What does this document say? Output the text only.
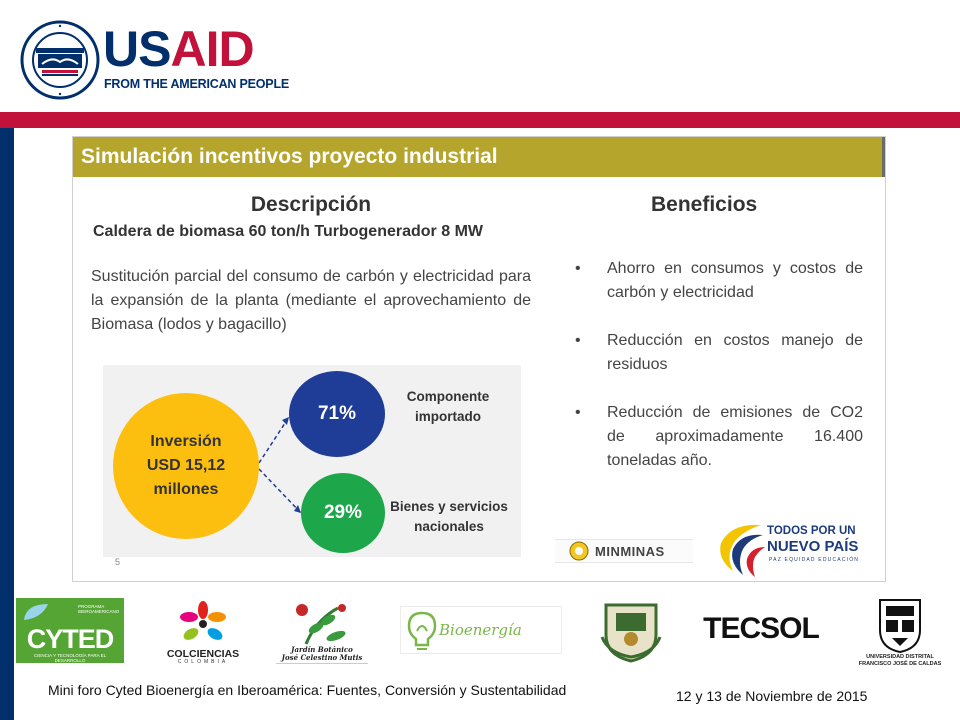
USAID
FROM THE AMERICAN PEOPLE
Simulación incentivos proyecto industrial
Descripción
Caldera de biomasa 60 ton/h Turbogenerador 8 MW
Sustitución parcial del consumo de carbón y electricidad para la expansión de la planta (mediante el aprovechamiento de Biomasa (lodos y bagacillo)
Beneficios
• Ahorro en consumos y costos de carbón y electricidad
• Reducción en costos manejo de residuos
• Reducción de emisiones de CO2 de aproximadamente 16.400 toneladas año.
Inversión
USD 15,12
millones
71%
29%
Componente
importado
Bienes y servicios
nacionales
5
MINMINAS
TODOS POR UN
NUEVO PAÍS
PAZ EQUIDAD EDUCACIÓN
PROGRAMA IBEROAMERICANO
CYTED
CIENCIA Y TECNOLOGÍA PARA EL DESARROLLO
COLCIENCIAS
COLOMBIA
Jardín Botánico
José Celestino Mutis
Bioenergía	TECSOL
UNIVERSIDAD DISTRITAL
FRANCISCO JOSÉ DE CALDAS
Mini foro Cyted Bioenergía en Iberoamérica: Fuentes, Conversión y Sustentabilidad	12 y 13 de Noviembre de 2015
